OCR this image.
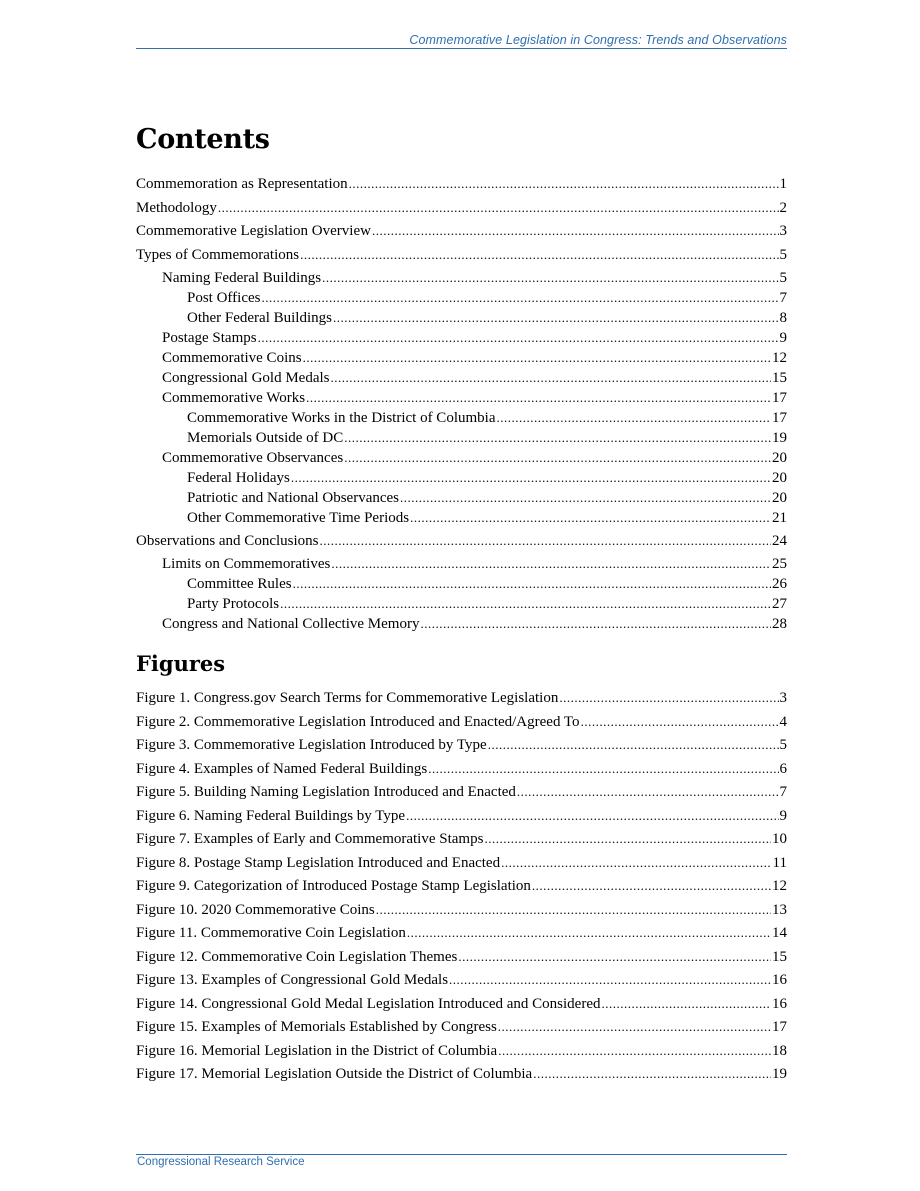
Commemorative Legislation in Congress: Trends and Observations
Contents
Commemoration as Representation .....	1
Methodology .....	2
Commemorative Legislation Overview .....	3
Types of Commemorations .....	5
Naming Federal Buildings .....	5
Post Offices .....	7
Other Federal Buildings .....	8
Postage Stamps .....	9
Commemorative Coins .....	12
Congressional Gold Medals .....	15
Commemorative Works .....	17
Commemorative Works in the District of Columbia .....	17
Memorials Outside of DC .....	19
Commemorative Observances .....	20
Federal Holidays .....	20
Patriotic and National Observances .....	20
Other Commemorative Time Periods .....	21
Observations and Conclusions .....	24
Limits on Commemoratives .....	25
Committee Rules .....	26
Party Protocols .....	27
Congress and National Collective Memory .....	28
Figures
Figure 1. Congress.gov Search Terms for Commemorative Legislation .....	3
Figure 2. Commemorative Legislation Introduced and Enacted/Agreed To .....	4
Figure 3. Commemorative Legislation Introduced by Type .....	5
Figure 4. Examples of Named Federal Buildings .....	6
Figure 5. Building Naming Legislation Introduced and Enacted .....	7
Figure 6. Naming Federal Buildings by Type .....	9
Figure 7. Examples of Early and Commemorative Stamps .....	10
Figure 8. Postage Stamp Legislation Introduced and Enacted .....	11
Figure 9. Categorization of Introduced Postage Stamp Legislation .....	12
Figure 10. 2020 Commemorative Coins .....	13
Figure 11. Commemorative Coin Legislation .....	14
Figure 12. Commemorative Coin Legislation Themes .....	15
Figure 13. Examples of Congressional Gold Medals .....	16
Figure 14. Congressional Gold Medal Legislation Introduced and Considered .....	16
Figure 15. Examples of Memorials Established by Congress .....	17
Figure 16. Memorial Legislation in the District of Columbia .....	18
Figure 17. Memorial Legislation Outside the District of Columbia .....	19
Congressional Research Service
